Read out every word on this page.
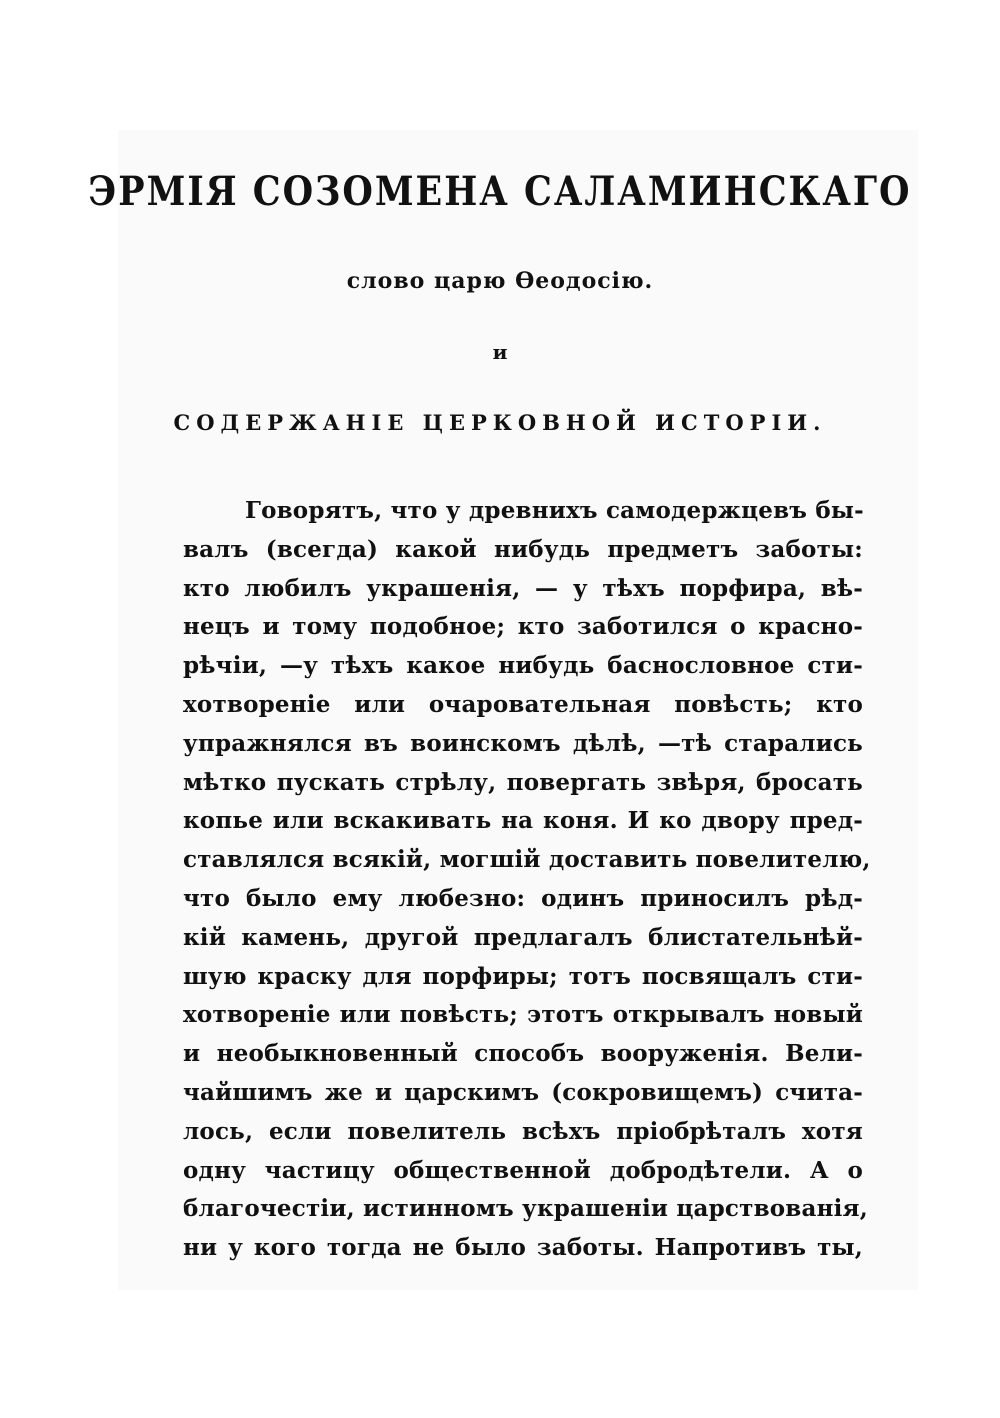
ЭРМІЯ СОЗОМЕНА САЛАМИНСКАГО
слово царю Өеодосію.
и
СОДЕРЖАНІЕ ЦЕРКОВНОЙ ИСТОРІИ.
Говорятъ, что у древнихъ самодержцевъ бы-
валъ (всегда) какой нибудь предметъ заботы:
кто любилъ украшенія, — у тѣхъ порфира, вѣ-
нецъ и тому подобное; кто заботился о красно-
рѣчіи, —у тѣхъ какое нибудь баснословное сти-
хотвореніе или очаровательная повѣсть; кто
упражнялся въ воинскомъ дѣлѣ, —тѣ старались
мѣтко пускать стрѣлу, повергать звѣря, бросать
копье или вскакивать на коня. И ко двору пред-
ставлялся всякій, могшій доставить повелителю,
что было ему любезно: одинъ приносилъ рѣд-
кій камень, другой предлагалъ блистательнѣй-
шую краску для порфиры; тотъ посвящалъ сти-
хотвореніе или повѣсть; этотъ открывалъ новый
и необыкновенный способъ вооруженія. Вели-
чайшимъ же и царскимъ (сокровищемъ) счита-
лось, если повелитель всѣхъ пріобрѣталъ хотя
одну частицу общественной добродѣтели. А о
благочестіи, истинномъ украшеніи царствованія,
ни у кого тогда не было заботы. Напротивъ ты,
